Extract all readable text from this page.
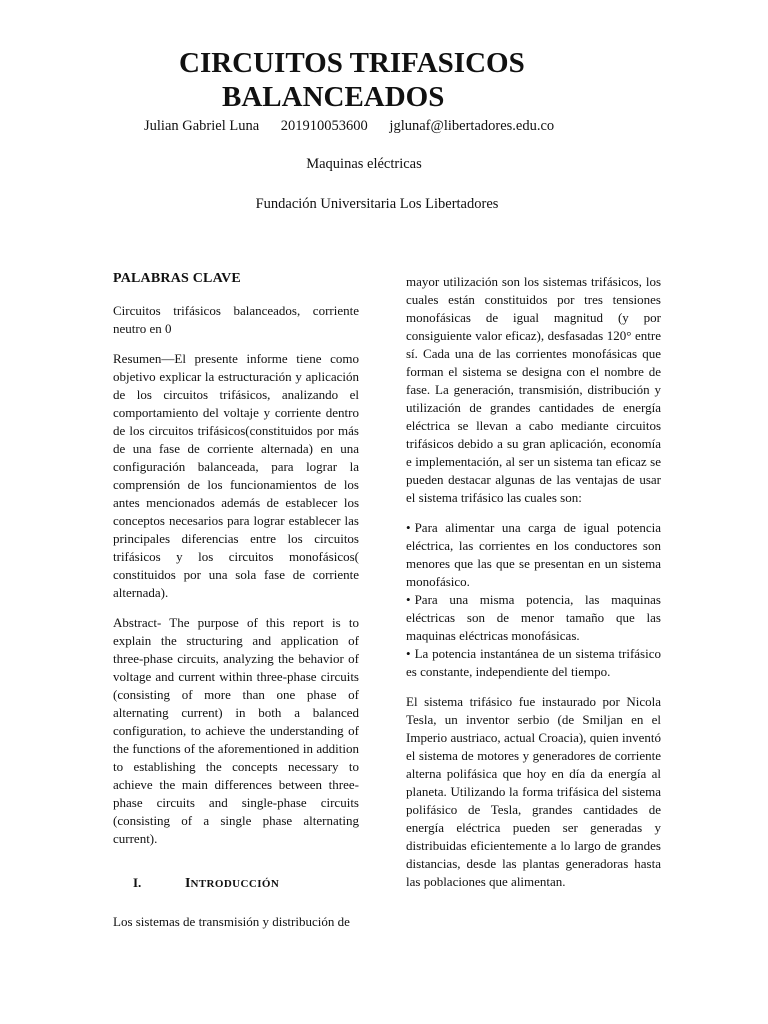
CIRCUITOS TRIFASICOS
BALANCEADOS
Julian Gabriel Luna 201910053600 jglunaf@libertadores.edu.co
Maquinas eléctricas
Fundación Universitaria Los Libertadores
PALABRAS CLAVE

Circuitos trifásicos balanceados, corriente neutro en 0

Resumen—El presente informe tiene como objetivo explicar la estructuración y aplicación de los circuitos trifásicos, analizando el comportamiento del voltaje y corriente dentro de los circuitos trifásicos(constituidos por más de una fase de corriente alternada) en una configuración balanceada, para lograr la comprensión de los funcionamientos de los antes mencionados además de establecer los conceptos necesarios para lograr establecer las principales diferencias entre los circuitos trifásicos y los circuitos monofásicos( constituidos por una sola fase de corriente alternada).

Abstract- The purpose of this report is to explain the structuring and application of three-phase circuits, analyzing the behavior of voltage and current within three-phase circuits (consisting of more than one phase of alternating current) in both a balanced configuration, to achieve the understanding of the functions of the aforementioned in addition to establishing the concepts necessary to achieve the main differences between three-phase circuits and single-phase circuits (consisting of a single phase alternating current).

I.	INTRODUCCIÓN

Los sistemas de transmisión y distribución de

mayor utilización son los sistemas trifásicos, los cuales están constituidos por tres tensiones monofásicas de igual magnitud (y por consiguiente valor eficaz), desfasadas 120° entre sí. Cada una de las corrientes monofásicas que forman el sistema se designa con el nombre de fase. La generación, transmisión, distribución y utilización de grandes cantidades de energía eléctrica se llevan a cabo mediante circuitos trifásicos debido a su gran aplicación, economía e implementación, al ser un sistema tan eficaz se pueden destacar algunas de las ventajas de usar el sistema trifásico las cuales son:

• Para alimentar una carga de igual potencia eléctrica, las corrientes en los conductores son menores que las que se presentan en un sistema monofásico.
• Para una misma potencia, las maquinas eléctricas son de menor tamaño que las maquinas eléctricas monofásicas.
• La potencia instantánea de un sistema trifásico es constante, independiente del tiempo.

El sistema trifásico fue instaurado por Nicola Tesla, un inventor serbio (de Smiljan en el Imperio austriaco, actual Croacia), quien inventó el sistema de motores y generadores de corriente alterna polifásica que hoy en día da energía al planeta. Utilizando la forma trifásica del sistema polifásico de Tesla, grandes cantidades de energía eléctrica pueden ser generadas y distribuidas eficientemente a lo largo de grandes distancias, desde las plantas generadoras hasta las poblaciones que alimentan.
